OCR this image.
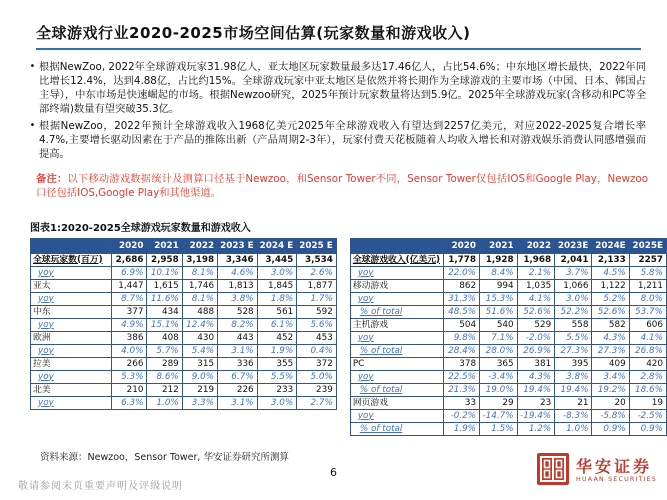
全球游戏行业2020-2025市场空间估算(玩家数量和游戏收入)
• 根据NewZoo, 2022年全球游戏玩家31.98亿人，亚太地区玩家数量最多达17.46亿人，占比54.6%；中东地区增长最快，2022年同比增长12.4%，达到4.88亿，占比约15%。全球游戏玩家中亚太地区是依然并将长期作为全球游戏的主要市场（中国、日本、韩国占主导），中东市场是快速崛起的市场。根据Newzoo研究，2025年预计玩家数量将达到5.9亿。2025年全球游戏玩家(含移动和PC等全部终端)数量有望突破35.3亿。
• 根据NewZoo，2022年预计全球游戏收入1968亿美元2025年全球游戏收入有望达到2257亿美元，对应2022-2025复合增长率4.7%,主要增长驱动因素在于产品的推陈出新（产品周期2-3年），玩家付费天花板随着人均收入增长和对游戏娱乐消费认同感增强而提高。
备注：以下移动游戏数据统计及测算口径基于Newzoo，和Sensor Tower不同，Sensor Tower仅包括IOS和Google Play，Newzoo口径包括IOS,Google Play和其他渠道。
图表1:2020-2025全球游戏玩家数量和游戏收入
	2020	2021	2022	2023 E	2024 E	2025 E
全球玩家数(百万)	2,686	2,958	3,198	3,346	3,445	3,534
yoy	6.9%	10.1%	8.1%	4.6%	3.0%	2.6%
亚太	1,447	1,615	1,746	1,813	1,845	1,877
yoy	8.7%	11.6%	8.1%	3.8%	1.8%	1.7%
中东	377	434	488	528	561	592
yoy	4.9%	15.1%	12.4%	8.2%	6.1%	5.6%
欧洲	386	408	430	443	452	453
yoy	4.0%	5.7%	5.4%	3.1%	1.9%	0.4%
拉美	266	289	315	336	355	372
yoy	5.3%	8.6%	9.0%	6.7%	5.5%	5.0%
北美	210	212	219	226	233	239
yoy	6.3%	1.0%	3.3%	3.1%	3.0%	2.7%
	2020	2021	2022	2023E	2024E	2025E
全球游戏收入(亿美元)	1,778	1,928	1,968	2,041	2,133	2257
yoy	22.0%	8.4%	2.1%	3.7%	4.5%	5.8%
移动游戏	862	994	1,035	1,066	1,122	1,211
yoy	31.3%	15.3%	4.1%	3.0%	5.2%	8.0%
% of total	48.5%	51.6%	52.6%	52.2%	52.6%	53.7%
主机游戏	504	540	529	558	582	606
yoy	9.8%	7.1%	-2.0%	5.5%	4.3%	4.1%
% of total	28.4%	28.0%	26.9%	27.3%	27.3%	26.8%
PC	378	365	381	395	409	420
yoy	22.5%	-3.4%	4.3%	3.8%	3.4%	2.8%
% of total	21.3%	19.0%	19.4%	19.4%	19.2%	18.6%
网页游戏	33	29	23	21	20	19
yoy	-0.2%	-14.7%	-19.4%	-8.3%	-5.8%	-2.5%
% of total	1.9%	1.5%	1.2%	1.0%	0.9%	0.9%
资料来源：Newzoo，Sensor Tower, 华安证券研究所测算
6
敬请参阅末页重要声明及评级说明
华安证券
HUAAN SECURITIES
